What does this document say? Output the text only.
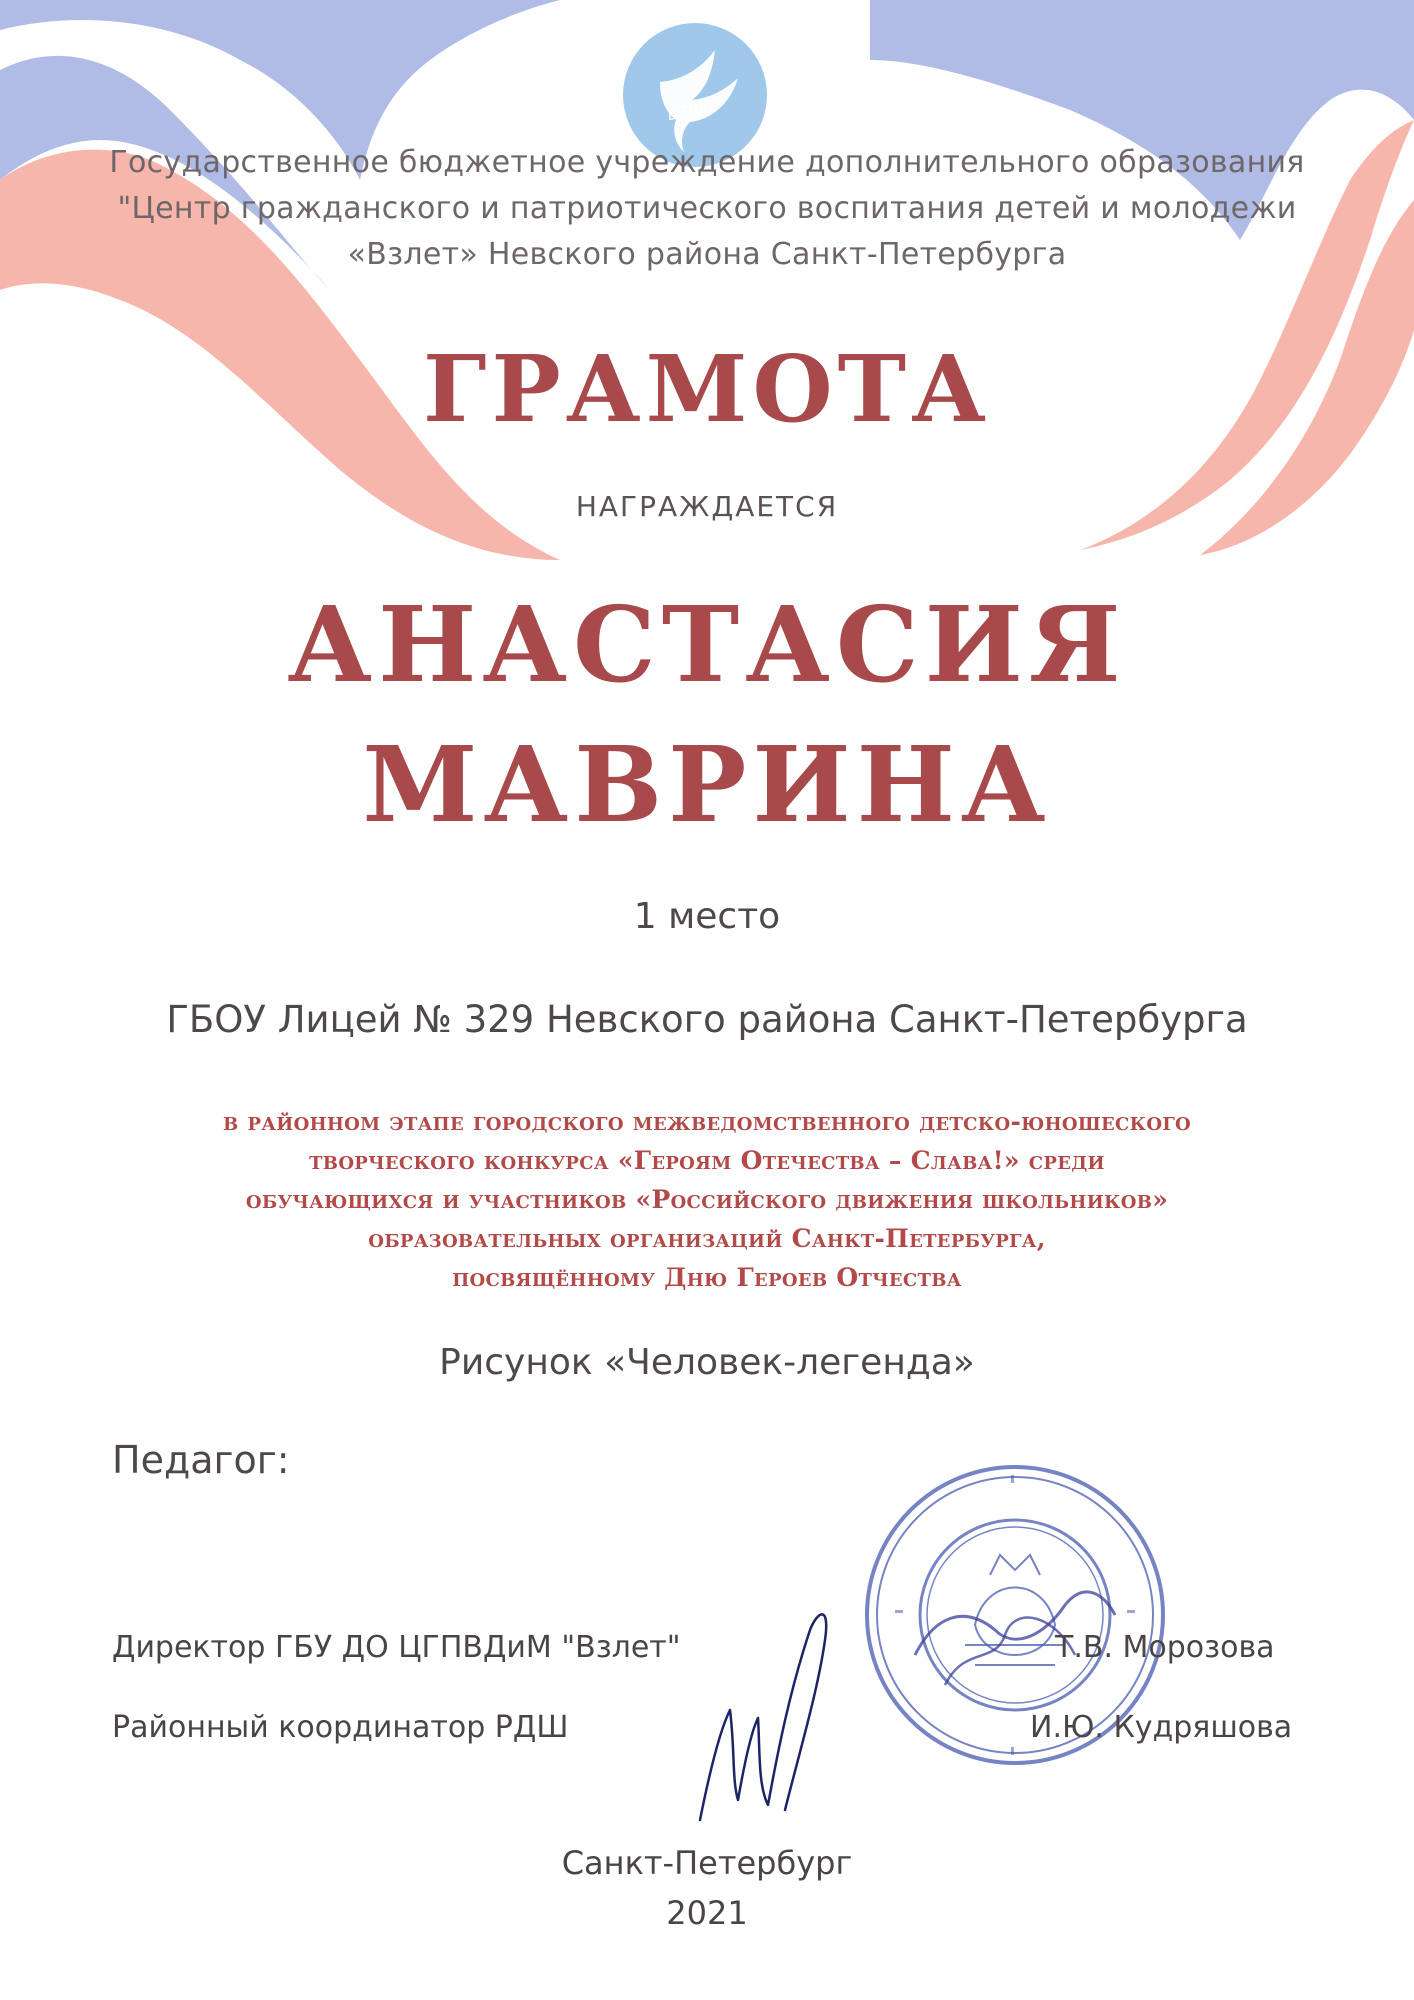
ВЗЛЁТ
Государственное бюджетное учреждение дополнительного образования
"Центр гражданского и патриотического воспитания детей и молодежи
«Взлет» Невского района Санкт-Петербурга
ГРАМОТА
НАГРАЖДАЕТСЯ
АНАСТАСИЯ
МАВРИНА
1 место
ГБОУ Лицей № 329 Невского района Санкт-Петербурга
в районном этапе городского межведомственного детско-юношеского
творческого конкурса «Героям Отечества – Слава!» среди
обучающихся и участников «Российского движения школьников»
образовательных организаций Санкт-Петербурга,
посвящённому Дню Героев Отчества
Рисунок «Человек-легенда»
Педагог:
Директор ГБУ ДО ЦГПВДиМ "Взлет"	Т.В. Морозова
Районный координатор РДШ	И.Ю. Кудряшова
Санкт-Петербург
2021
